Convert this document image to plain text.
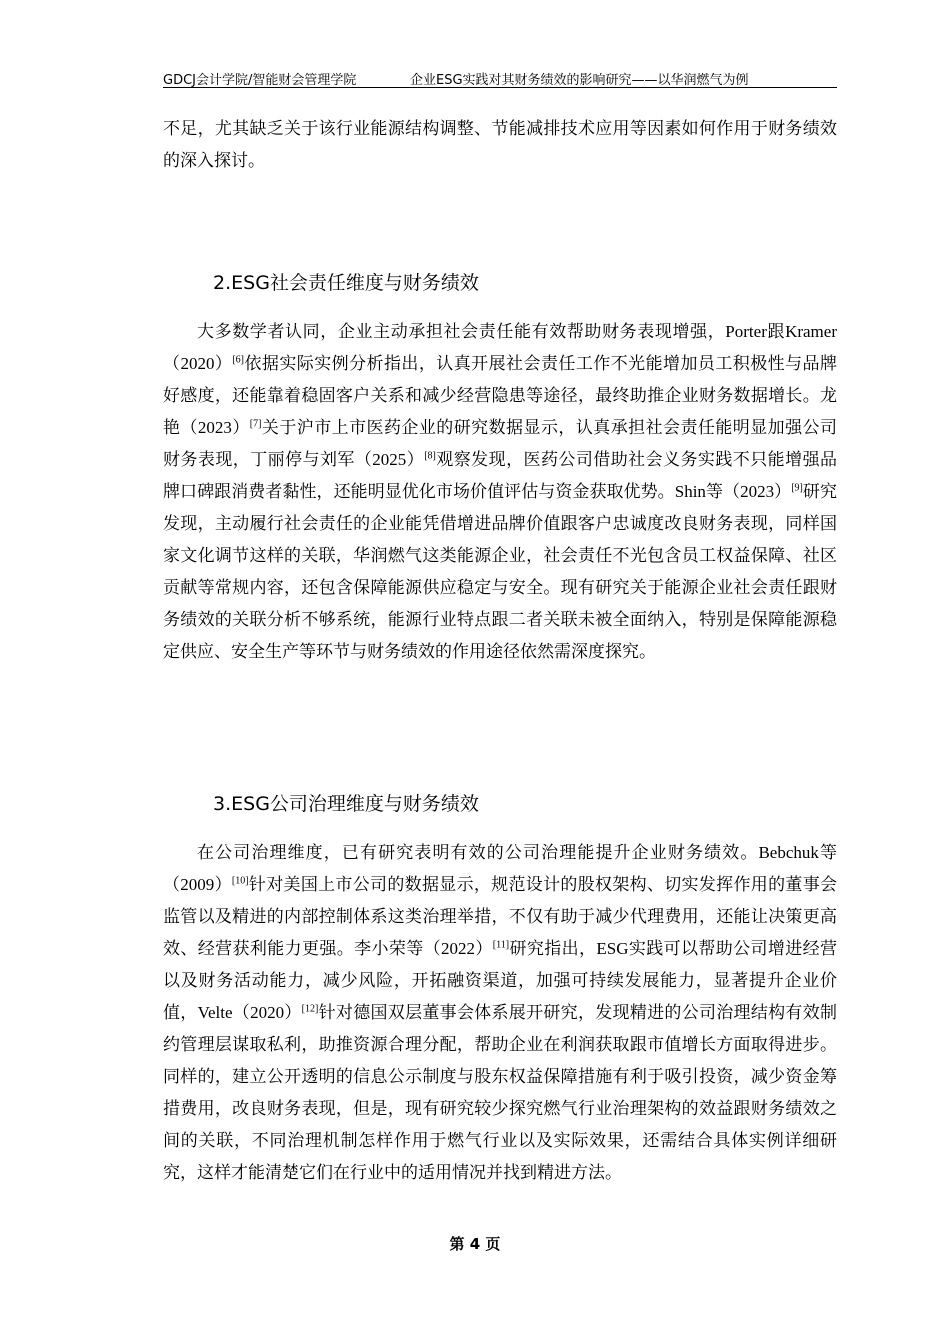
GDCJ会计学院/智能财会管理学院	企业ESG实践对其财务绩效的影响研究——以华润燃气为例

不足，尤其缺乏关于该行业能源结构调整、节能减排技术应用等因素如何作用于财务绩效的深入探讨。

2.ESG社会责任维度与财务绩效

大多数学者认同，企业主动承担社会责任能有效帮助财务表现增强，Porter跟Kramer（2020）[6]依据实际实例分析指出，认真开展社会责任工作不光能增加员工积极性与品牌好感度，还能靠着稳固客户关系和减少经营隐患等途径，最终助推企业财务数据增长。龙艳（2023）[7]关于沪市上市医药企业的研究数据显示，认真承担社会责任能明显加强公司财务表现，丁丽停与刘军（2025）[8]观察发现，医药公司借助社会义务实践不只能增强品牌口碑跟消费者黏性，还能明显优化市场价值评估与资金获取优势。Shin等（2023）[9]研究发现，主动履行社会责任的企业能凭借增进品牌价值跟客户忠诚度改良财务表现，同样国家文化调节这样的关联，华润燃气这类能源企业，社会责任不光包含员工权益保障、社区贡献等常规内容，还包含保障能源供应稳定与安全。现有研究关于能源企业社会责任跟财务绩效的关联分析不够系统，能源行业特点跟二者关联未被全面纳入，特别是保障能源稳定供应、安全生产等环节与财务绩效的作用途径依然需深度探究。

3.ESG公司治理维度与财务绩效

在公司治理维度，已有研究表明有效的公司治理能提升企业财务绩效。Bebchuk等（2009）[10]针对美国上市公司的数据显示，规范设计的股权架构、切实发挥作用的董事会监管以及精进的内部控制体系这类治理举措，不仅有助于减少代理费用，还能让决策更高效、经营获利能力更强。李小荣等（2022）[11]研究指出，ESG实践可以帮助公司增进经营以及财务活动能力，减少风险，开拓融资渠道，加强可持续发展能力，显著提升企业价值，Velte（2020）[12]针对德国双层董事会体系展开研究，发现精进的公司治理结构有效制约管理层谋取私利，助推资源合理分配，帮助企业在利润获取跟市值增长方面取得进步。同样的，建立公开透明的信息公示制度与股东权益保障措施有利于吸引投资，减少资金筹措费用，改良财务表现，但是，现有研究较少探究燃气行业治理架构的效益跟财务绩效之间的关联，不同治理机制怎样作用于燃气行业以及实际效果，还需结合具体实例详细研究，这样才能清楚它们在行业中的适用情况并找到精进方法。

第 4 页
